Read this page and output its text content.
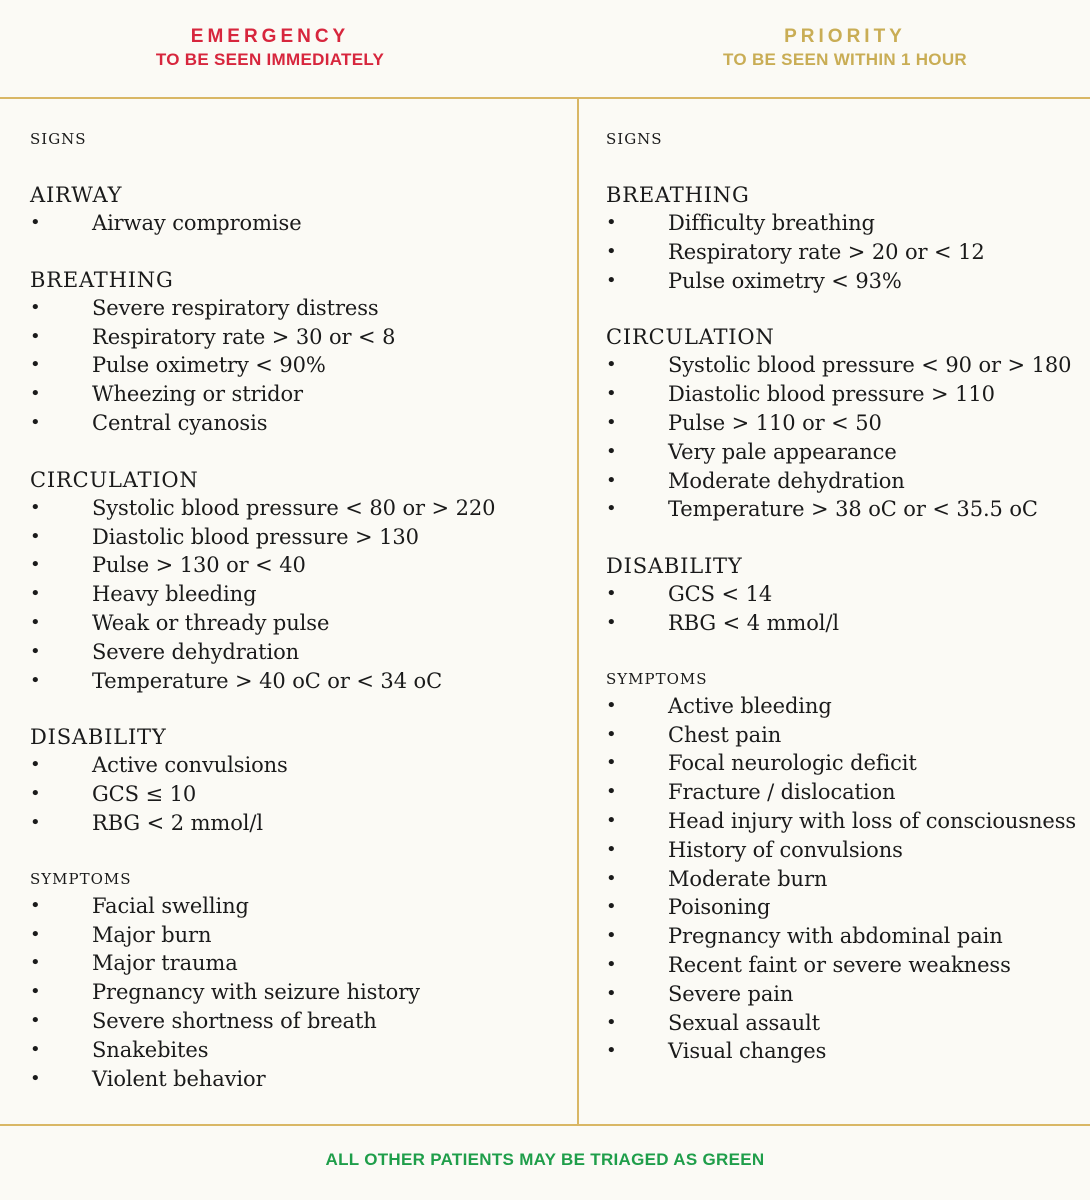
EMERGENCY
TO BE SEEN IMMEDIATELY
PRIORITY
TO BE SEEN WITHIN 1 HOUR
SIGNS
AIRWAY
• Airway compromise
BREATHING
• Severe respiratory distress
• Respiratory rate > 30 or < 8
• Pulse oximetry < 90%
• Wheezing or stridor
• Central cyanosis
CIRCULATION
• Systolic blood pressure < 80 or > 220
• Diastolic blood pressure > 130
• Pulse > 130 or < 40
• Heavy bleeding
• Weak or thready pulse
• Severe dehydration
• Temperature > 40 oC or < 34 oC
DISABILITY
• Active convulsions
• GCS ≤ 10
• RBG < 2 mmol/l
SYMPTOMS
• Facial swelling
• Major burn
• Major trauma
• Pregnancy with seizure history
• Severe shortness of breath
• Snakebites
• Violent behavior
SIGNS
BREATHING
• Difficulty breathing
• Respiratory rate > 20 or < 12
• Pulse oximetry < 93%
CIRCULATION
• Systolic blood pressure < 90 or > 180
• Diastolic blood pressure > 110
• Pulse > 110 or < 50
• Very pale appearance
• Moderate dehydration
• Temperature > 38 oC or < 35.5 oC
DISABILITY
• GCS < 14
• RBG < 4 mmol/l
SYMPTOMS
• Active bleeding
• Chest pain
• Focal neurologic deficit
• Fracture / dislocation
• Head injury with loss of consciousness
• History of convulsions
• Moderate burn
• Poisoning
• Pregnancy with abdominal pain
• Recent faint or severe weakness
• Severe pain
• Sexual assault
• Visual changes
ALL OTHER PATIENTS MAY BE TRIAGED AS GREEN
